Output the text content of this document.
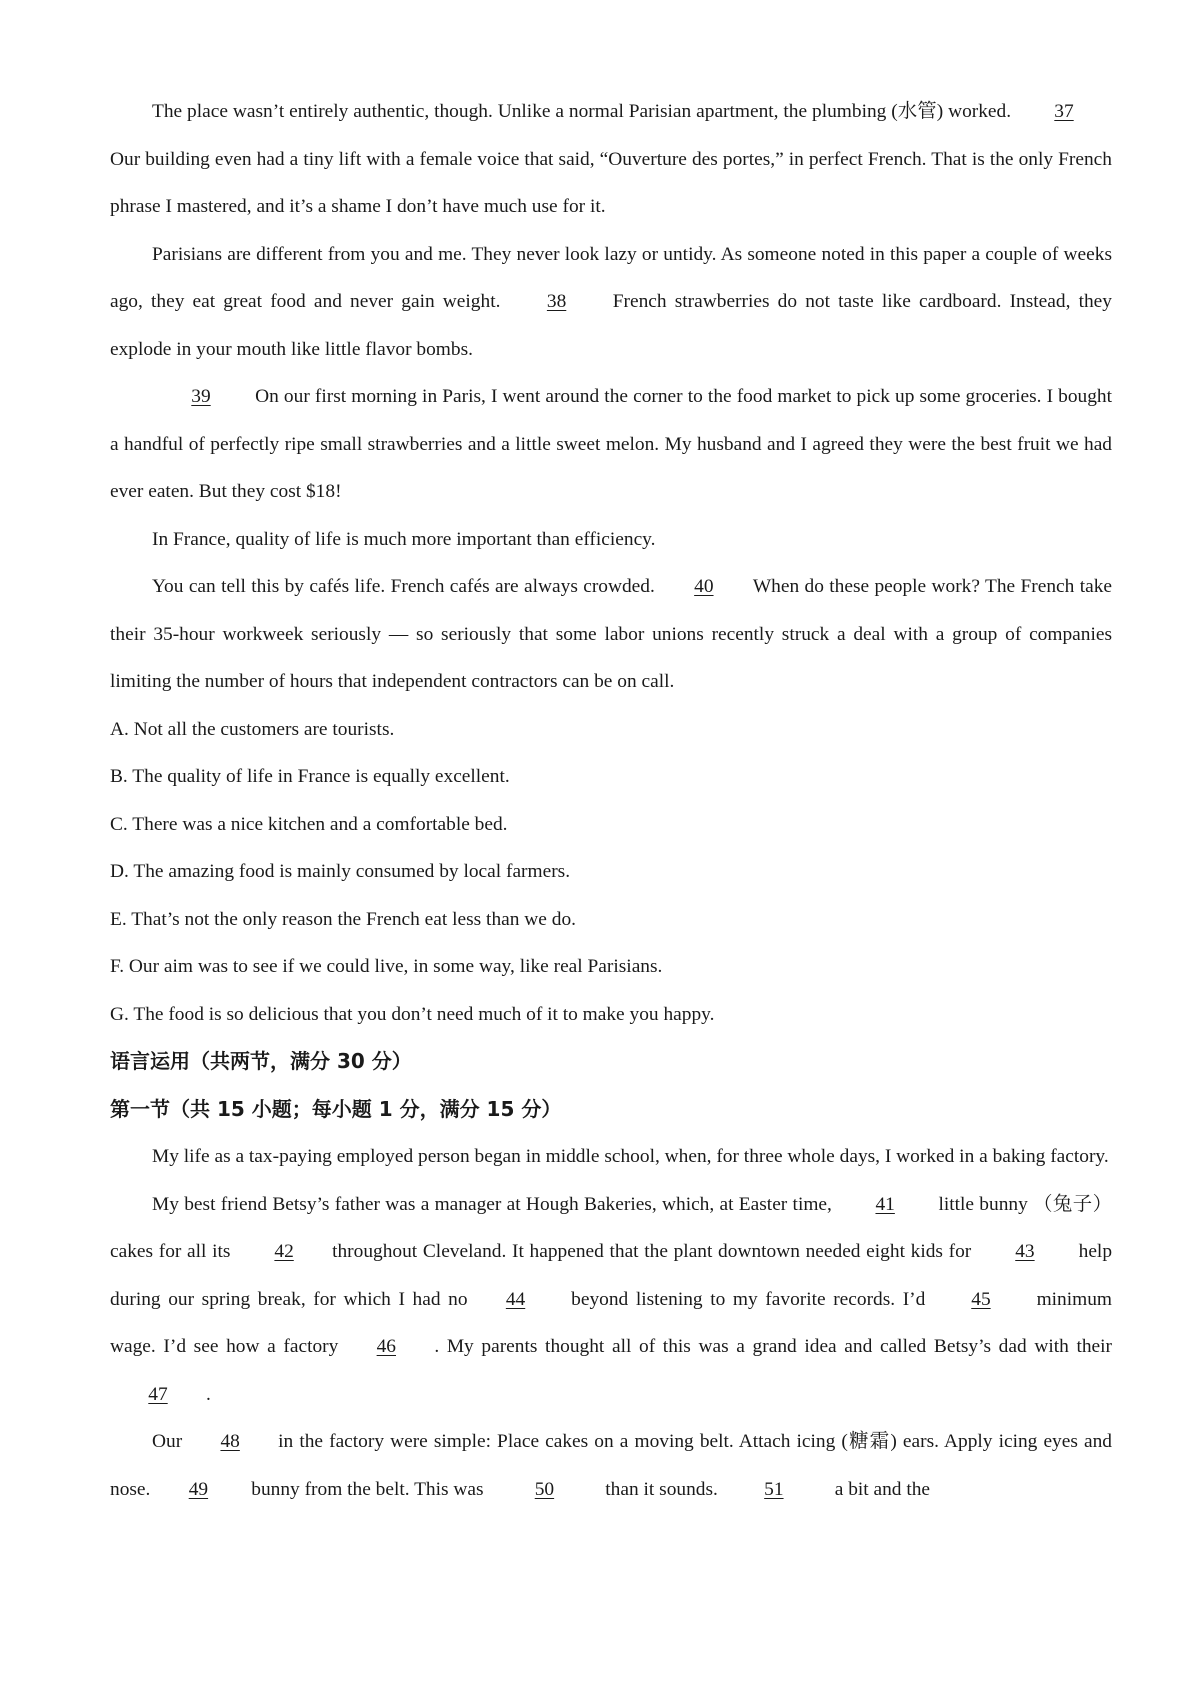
The place wasn’t entirely authentic, though. Unlike a normal Parisian apartment, the plumbing (水管) worked. 37Our building even had a tiny lift with a female voice that said, “Ouverture des portes,” in perfect French. That is the only French phrase I mastered, and it’s a shame I don’t have much use for it.

Parisians are different from you and me. They never look lazy or untidy. As someone noted in this paper a couple of weeks ago, they eat great food and never gain weight. 38 French strawberries do not taste like cardboard. Instead, they explode in your mouth like little flavor bombs.

39 On our first morning in Paris, I went around the corner to the food market to pick up some groceries. I bought a handful of perfectly ripe small strawberries and a little sweet melon. My husband and I agreed they were the best fruit we had ever eaten. But they cost $18!

In France, quality of life is much more important than efficiency.

You can tell this by cafés life. French cafés are always crowded. 40 When do these people work? The French take their 35-hour workweek seriously — so seriously that some labor unions recently struck a deal with a group of companies limiting the number of hours that independent contractors can be on call.

A. Not all the customers are tourists.

B. The quality of life in France is equally excellent.

C. There was a nice kitchen and a comfortable bed.

D. The amazing food is mainly consumed by local farmers.

E. That’s not the only reason the French eat less than we do.

F. Our aim was to see if we could live, in some way, like real Parisians.

G. The food is so delicious that you don’t need much of it to make you happy.

语言运用（共两节，满分 30 分）

第一节（共 15 小题；每小题 1 分，满分 15 分）

My life as a tax-paying employed person began in middle school, when, for three whole days, I worked in a baking factory.

My best friend Betsy’s father was a manager at Hough Bakeries, which, at Easter time, 41 little bunny （兔子） cakes for all its 42 throughout Cleveland. It happened that the plant downtown needed eight kids for 43 help during our spring break, for which I had no 44 beyond listening to my favorite records. I’d 45 minimum wage. I’d see how a factory 46 . My parents thought all of this was a grand idea and called Betsy’s dad with their 47 .

Our 48 in the factory were simple: Place cakes on a moving belt. Attach icing (糖霜) ears. Apply icing eyes and nose. 49 bunny from the belt. This was	50	than it sounds. 51	a bit and the
